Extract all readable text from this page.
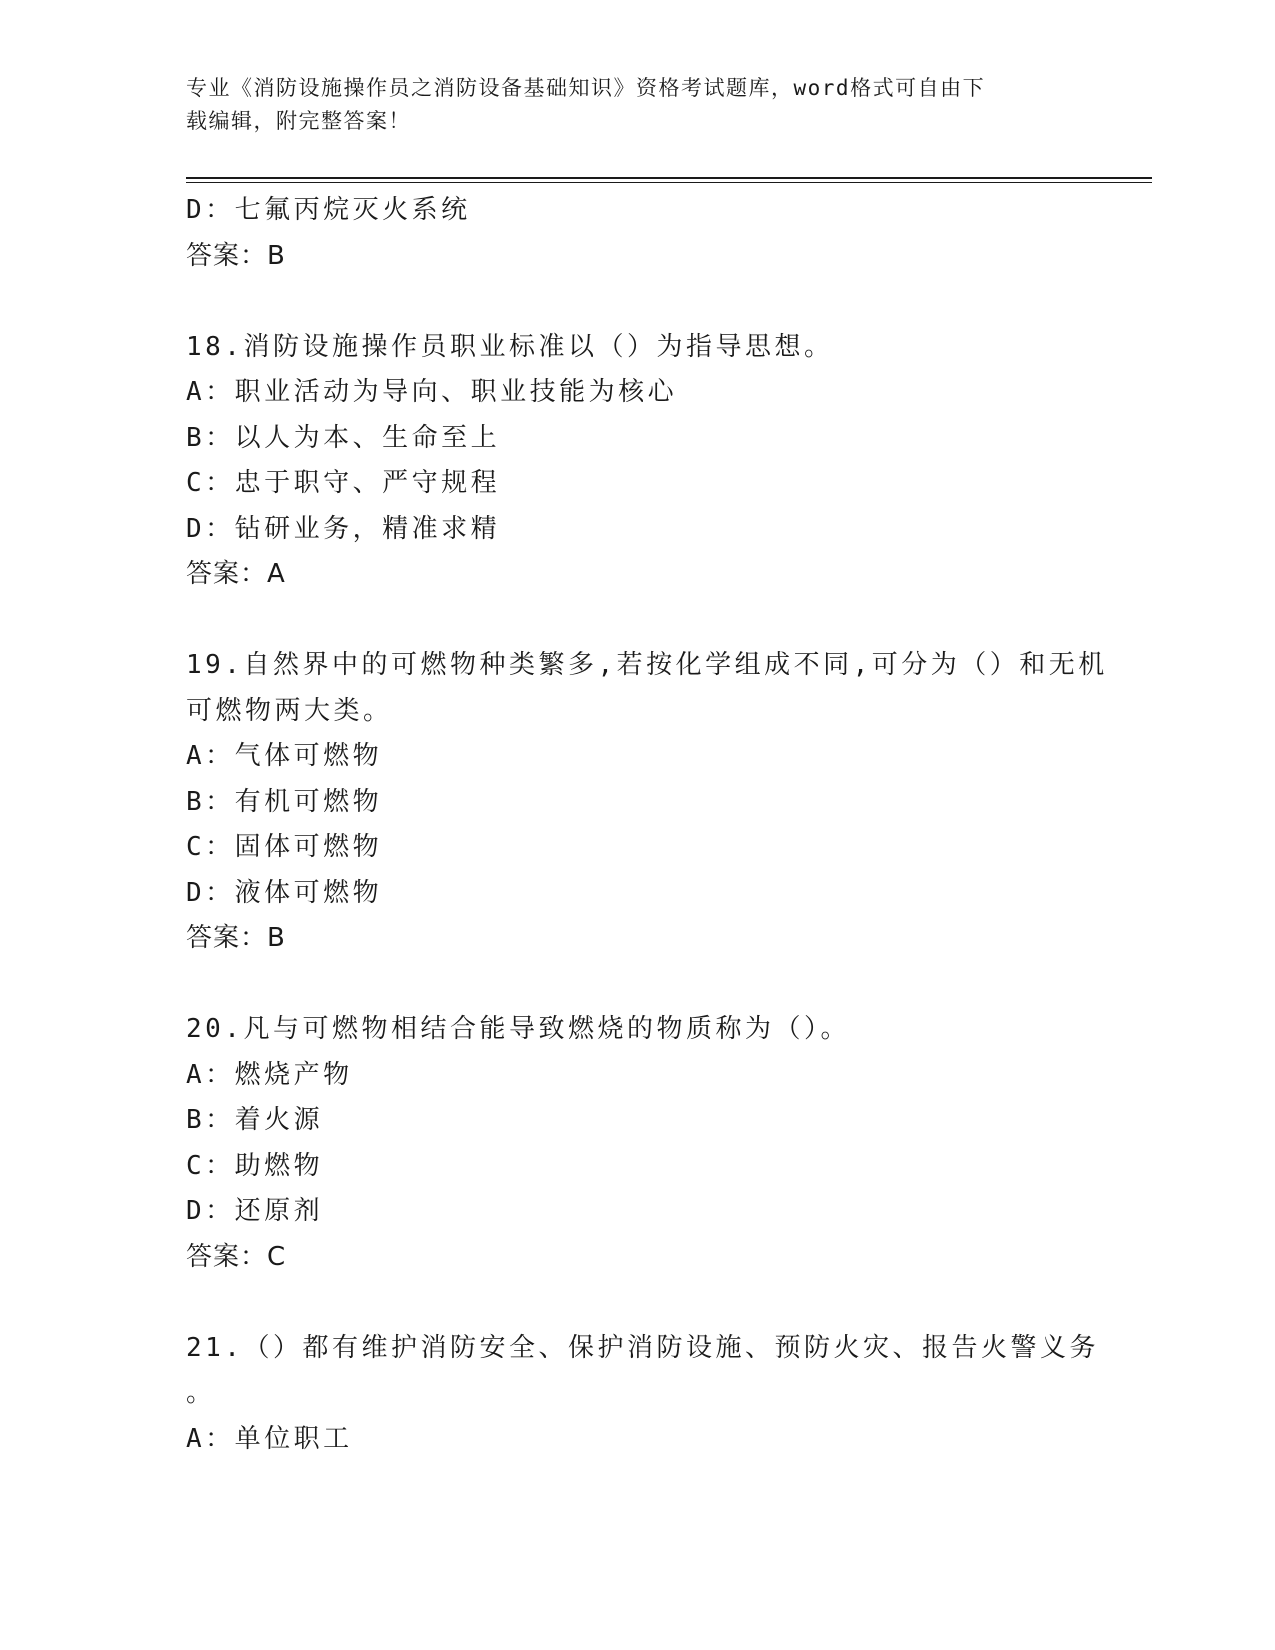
专业《消防设施操作员之消防设备基础知识》资格考试题库，word格式可自由下
载编辑，附完整答案！
D：七氟丙烷灭火系统
答案：B
18.消防设施操作员职业标准以（）为指导思想。
A：职业活动为导向、职业技能为核心
B：以人为本、生命至上
C：忠于职守、严守规程
D：钻研业务，精准求精
答案：A
19.自然界中的可燃物种类繁多,若按化学组成不同,可分为（）和无机
可燃物两大类。
A：气体可燃物
B：有机可燃物
C：固体可燃物
D：液体可燃物
答案：B
20.凡与可燃物相结合能导致燃烧的物质称为（）。
A：燃烧产物
B：着火源
C：助燃物
D：还原剂
答案：C
21.（）都有维护消防安全、保护消防设施、预防火灾、报告火警义务
。
A：单位职工
